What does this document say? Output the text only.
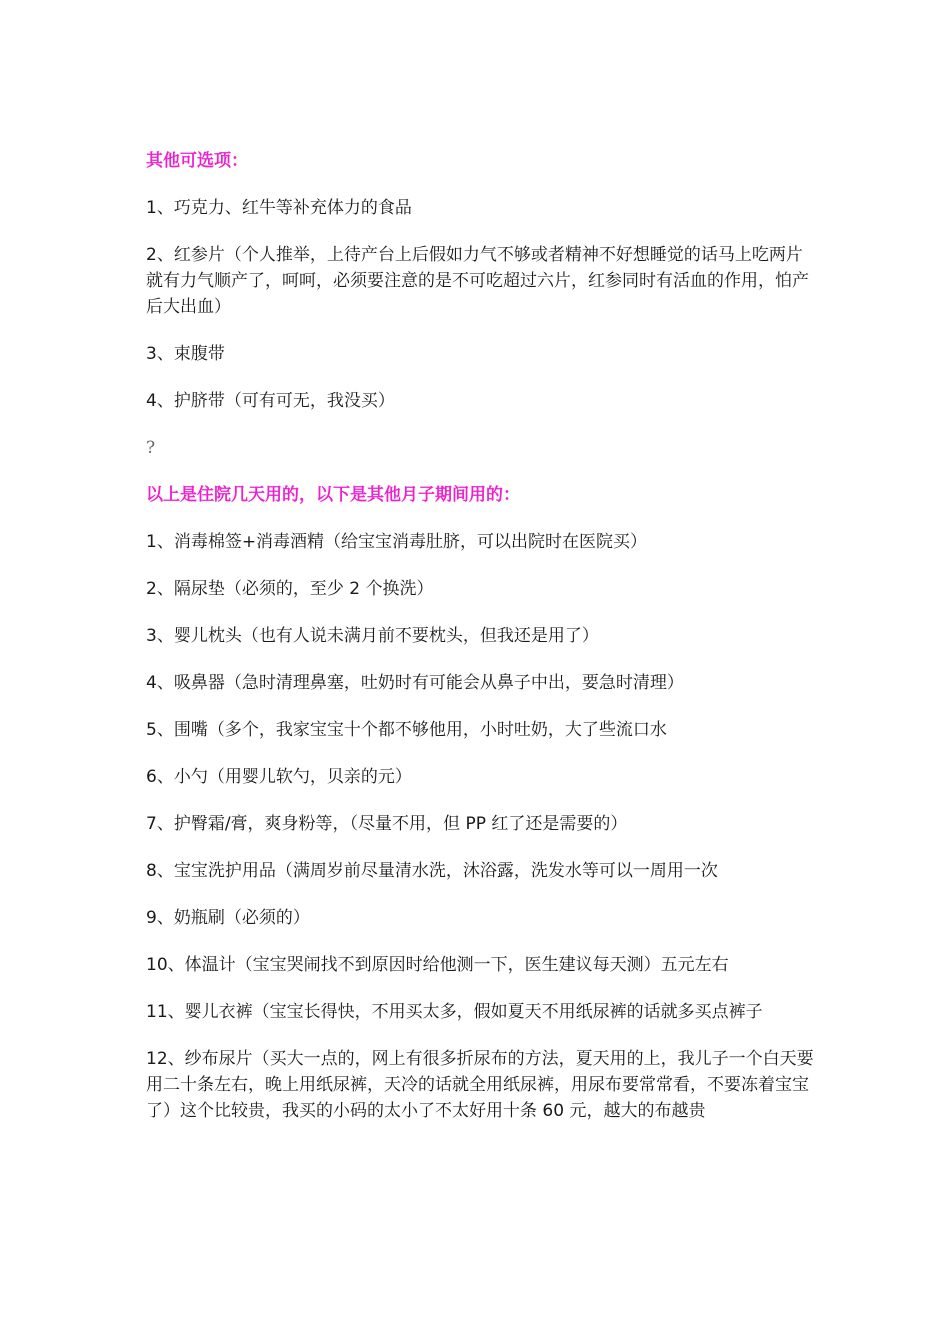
其他可选项：

1、巧克力、红牛等补充体力的食品

2、红参片（个人推举，上待产台上后假如力气不够或者精神不好想睡觉的话马上吃两片就有力气顺产了，呵呵，必须要注意的是不可吃超过六片，红参同时有活血的作用，怕产后大出血）

3、束腹带

4、护脐带（可有可无，我没买）

?

以上是住院几天用的，以下是其他月子期间用的：

1、消毒棉签+消毒酒精（给宝宝消毒肚脐，可以出院时在医院买）

2、隔尿垫（必须的，至少 2 个换洗）

3、婴儿枕头（也有人说未满月前不要枕头，但我还是用了）

4、吸鼻器（急时清理鼻塞，吐奶时有可能会从鼻子中出，要急时清理）

5、围嘴（多个，我家宝宝十个都不够他用，小时吐奶，大了些流口水

6、小勺（用婴儿软勺，贝亲的元）

7、护臀霜/膏，爽身粉等，（尽量不用，但 PP 红了还是需要的）

8、宝宝洗护用品（满周岁前尽量清水洗，沐浴露，洗发水等可以一周用一次

9、奶瓶刷（必须的）

10、体温计（宝宝哭闹找不到原因时给他测一下，医生建议每天测）五元左右

11、婴儿衣裤（宝宝长得快，不用买太多，假如夏天不用纸尿裤的话就多买点裤子

12、纱布尿片（买大一点的，网上有很多折尿布的方法，夏天用的上，我儿子一个白天要用二十条左右，晚上用纸尿裤，天冷的话就全用纸尿裤，用尿布要常常看，不要冻着宝宝了）这个比较贵，我买的小码的太小了不太好用十条 60 元，越大的布越贵
